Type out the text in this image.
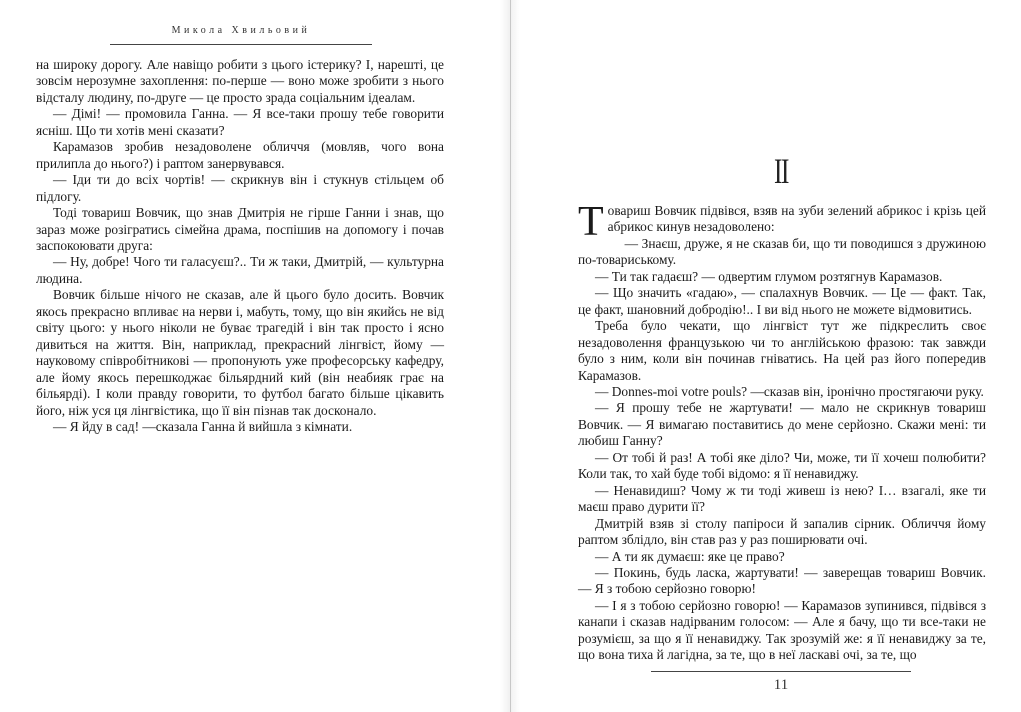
Микола Хвильовий

на широку дорогу. Але навіщо робити з цього істерику? І, нарешті, це зовсім нерозумне захоплення: по-перше — воно може зробити з нього відсталу людину, по-друге — це просто зрада соціальним ідеалам.

— Дімі! — промовила Ганна. — Я все-таки прошу тебе говорити ясніш. Що ти хотів мені сказати?

Карамазов зробив незадоволене обличчя (мовляв, чого вона прилипла до нього?) і раптом занервувався.

— Іди ти до всіх чортів! — скрикнув він і стукнув стільцем об підлогу.

Тоді товариш Вовчик, що знав Дмитрія не гірше Ганни і знав, що зараз може розігратись сімейна драма, поспішив на допомогу і почав заспокоювати друга:

— Ну, добре! Чого ти галасуєш?.. Ти ж таки, Дмитрій, — культурна людина.

Вовчик більше нічого не сказав, але й цього було досить. Вовчик якось прекрасно впливає на нерви і, мабуть, тому, що він якийсь не від світу цього: у нього ніколи не буває трагедій і він так просто і ясно дивиться на життя. Він, наприклад, прекрасний лінгвіст, йому — науковому співробітникові — пропонують уже професорську кафедру, але йому якось перешкоджає більярдний кий (він неабияк грає на більярді). І коли правду говорити, то футбол багато більше цікавить його, ніж уся ця лінгвістика, що її він пізнав так досконало.

— Я йду в сад! —сказала Ганна й вийшла з кімнати.

II

Товариш Вовчик підвівся, взяв на зуби зелений абрикос і крізь цей абрикос кинув незадоволено:

— Знаєш, друже, я не сказав би, що ти поводишся з дружиною по-товариському.

— Ти так гадаєш? — одвертим глумом розтягнув Карамазов.

— Що значить «гадаю», — спалахнув Вовчик. — Це — факт. Так, це факт, шановний добродію!.. І ви від нього не можете відмовитись.

Треба було чекати, що лінгвіст тут же підкреслить своє незадоволення французькою чи то англійською фразою: так завжди було з ним, коли він починав гніватись. На цей раз його попередив Карамазов.

— Donnes-moi votre pouls? —сказав він, іронічно простягаючи руку.

— Я прошу тебе не жартувати! — мало не скрикнув товариш Вовчик. — Я вимагаю поставитись до мене серйозно. Скажи мені: ти любиш Ганну?

— От тобі й раз! А тобі яке діло? Чи, може, ти її хочеш полюбити? Коли так, то хай буде тобі відомо: я її ненавиджу.

— Ненавидиш? Чому ж ти тоді живеш із нею? І… взагалі, яке ти маєш право дурити її?

Дмитрій взяв зі столу папіроси й запалив сірник. Обличчя йому раптом зблідло, він став раз у раз поширювати очі.

— А ти як думаєш: яке це право?

— Покинь, будь ласка, жартувати! — заверещав товариш Вовчик. — Я з тобою серйозно говорю!

— І я з тобою серйозно говорю! — Карамазов зупинився, підвівся з канапи і сказав надірваним голосом: — Але я бачу, що ти все-таки не розумієш, за що я її ненавиджу. Так зрозумій же: я її ненавиджу за те, що вона тиха й лагідна, за те, що в неї ласкаві очі, за те, що

11
